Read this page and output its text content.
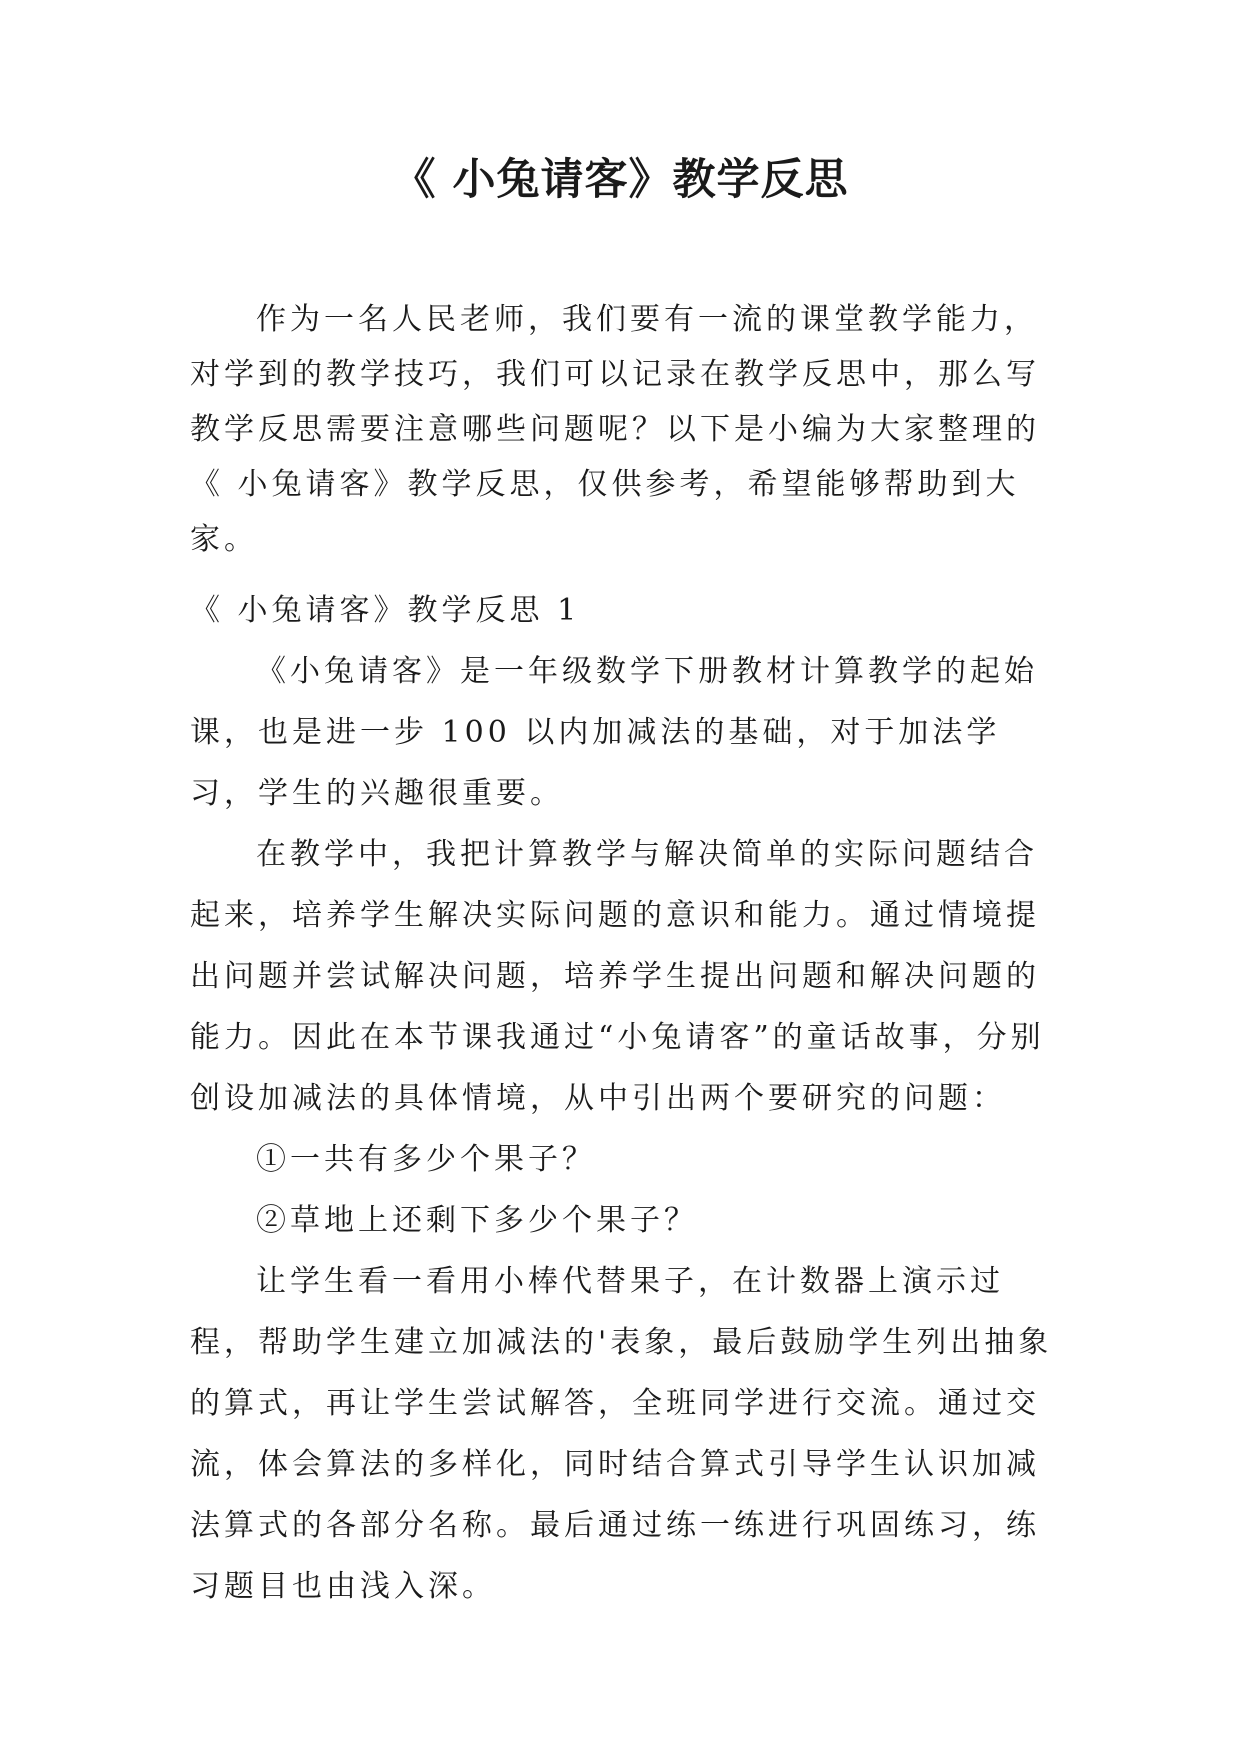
《 小兔请客》教学反思

作为一名人民老师，我们要有一流的课堂教学能力，对学到的教学技巧，我们可以记录在教学反思中，那么写教学反思需要注意哪些问题呢？以下是小编为大家整理的《 小兔请客》教学反思，仅供参考，希望能够帮助到大家。

《 小兔请客》教学反思 1

《小兔请客》是一年级数学下册教材计算教学的起始课，也是进一步 100 以内加减法的基础，对于加法学习，学生的兴趣很重要。

在教学中，我把计算教学与解决简单的实际问题结合起来，培养学生解决实际问题的意识和能力。通过情境提出问题并尝试解决问题，培养学生提出问题和解决问题的能力。因此在本节课我通过“小兔请客”的童话故事，分别创设加减法的具体情境，从中引出两个要研究的问题：

①一共有多少个果子？

②草地上还剩下多少个果子？

让学生看一看用小棒代替果子，在计数器上演示过程，帮助学生建立加减法的'表象，最后鼓励学生列出抽象的算式，再让学生尝试解答，全班同学进行交流。通过交流，体会算法的多样化，同时结合算式引导学生认识加减法算式的各部分名称。最后通过练一练进行巩固练习，练习题目也由浅入深。
